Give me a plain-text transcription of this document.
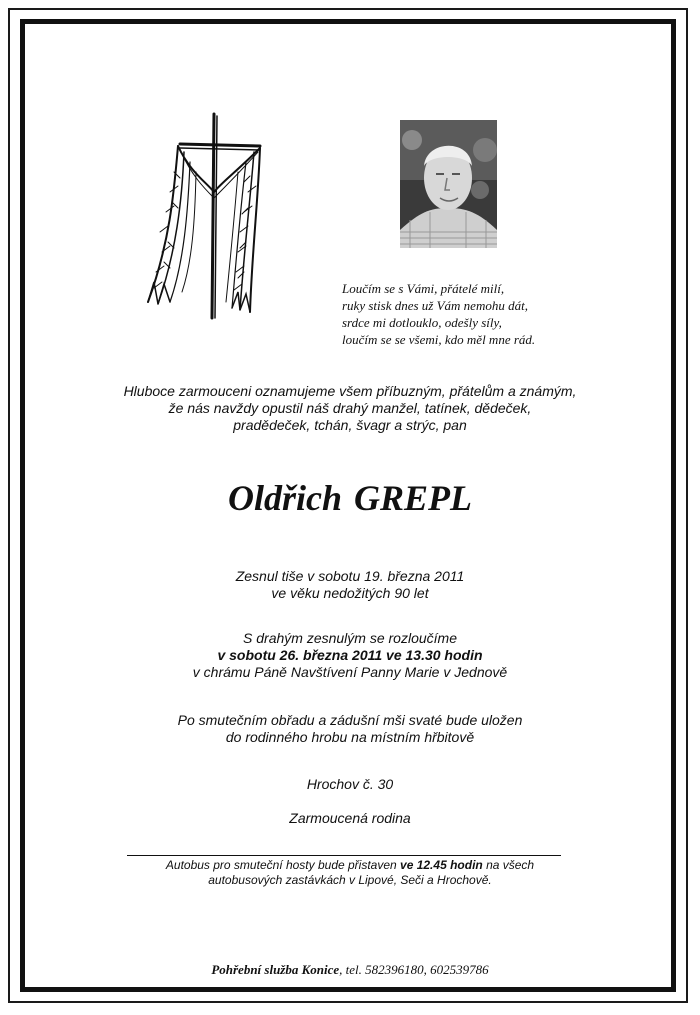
Loučím se s Vámi, přátelé milí,
ruky stisk dnes už Vám nemohu dát,
srdce mi dotlouklo, odešly síly,
loučím se se všemi, kdo měl mne rád.
Hluboce zarmouceni oznamujeme všem příbuzným, přátelům a známým,
že nás navždy opustil náš drahý manžel, tatínek, dědeček,
pradědeček, tchán, švagr a strýc, pan
Oldřich GREPL
Zesnul tiše v sobotu 19. března 2011
ve věku nedožitých 90 let
S drahým zesnulým se rozloučíme
v sobotu 26. března 2011 ve 13.30 hodin
v chrámu Páně Navštívení Panny Marie v Jednově
Po smutečním obřadu a zádušní mši svaté bude uložen
do rodinného hrobu na místním hřbitově
Hrochov č. 30
Zarmoucená rodina
Autobus pro smuteční hosty bude přistaven ve 12.45 hodin na všech
autobusových zastávkách v Lipové, Seči a Hrochově.
Pohřební služba Konice, tel. 582396180, 602539786
